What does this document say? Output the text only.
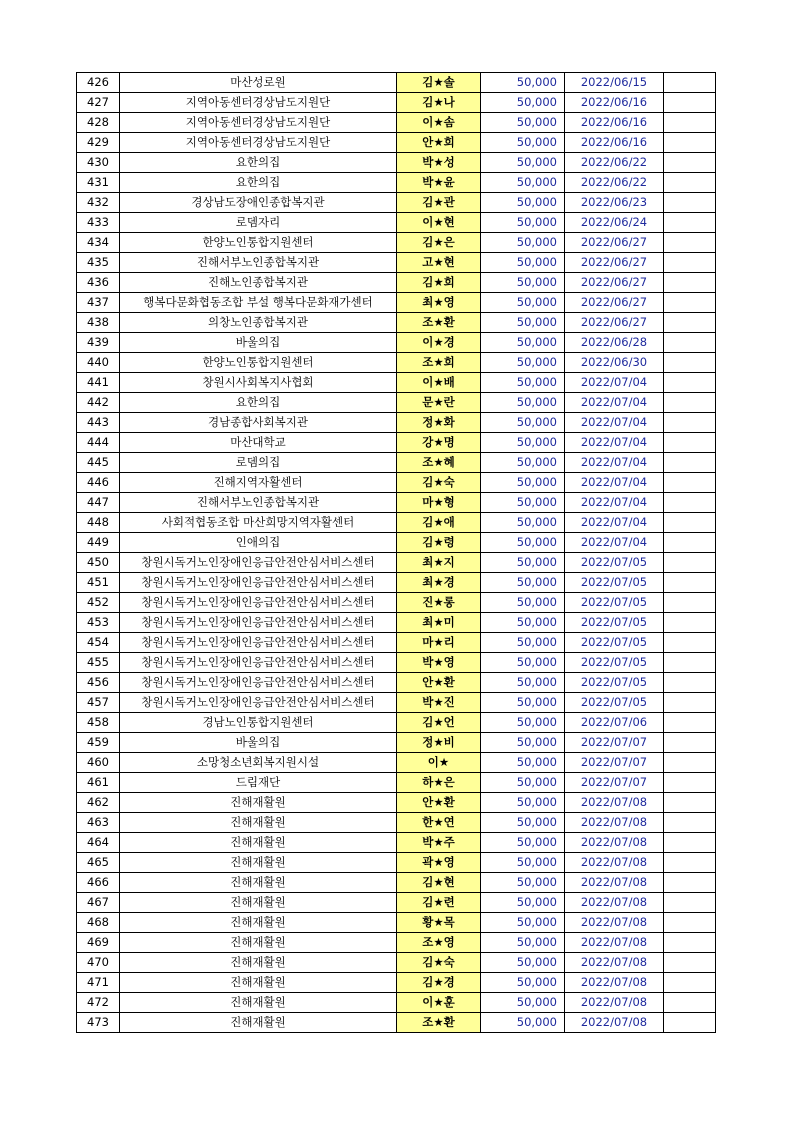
426	마산성로원	김★솔	50,000	2022/06/15	
427	지역아동센터경상남도지원단	김★나	50,000	2022/06/16	
428	지역아동센터경상남도지원단	이★솜	50,000	2022/06/16	
429	지역아동센터경상남도지원단	안★희	50,000	2022/06/16	
430	요한의집	박★성	50,000	2022/06/22	
431	요한의집	박★윤	50,000	2022/06/22	
432	경상남도장애인종합복지관	김★관	50,000	2022/06/23	
433	로뎀자리	이★현	50,000	2022/06/24	
434	한양노인통합지원센터	김★은	50,000	2022/06/27	
435	진해서부노인종합복지관	고★현	50,000	2022/06/27	
436	진해노인종합복지관	김★희	50,000	2022/06/27	
437	행복다문화협동조합 부설 행복다문화재가센터	최★영	50,000	2022/06/27	
438	의창노인종합복지관	조★환	50,000	2022/06/27	
439	바울의집	이★경	50,000	2022/06/28	
440	한양노인통합지원센터	조★희	50,000	2022/06/30	
441	창원시사회복지사협회	이★배	50,000	2022/07/04	
442	요한의집	문★란	50,000	2022/07/04	
443	경남종합사회복지관	정★화	50,000	2022/07/04	
444	마산대학교	강★명	50,000	2022/07/04	
445	로뎀의집	조★혜	50,000	2022/07/04	
446	진해지역자활센터	김★숙	50,000	2022/07/04	
447	진해서부노인종합복지관	마★형	50,000	2022/07/04	
448	사회적협동조합 마산희망지역자활센터	김★애	50,000	2022/07/04	
449	인애의집	김★령	50,000	2022/07/04	
450	창원시독거노인장애인응급안전안심서비스센터	최★지	50,000	2022/07/05	
451	창원시독거노인장애인응급안전안심서비스센터	최★경	50,000	2022/07/05	
452	창원시독거노인장애인응급안전안심서비스센터	진★롱	50,000	2022/07/05	
453	창원시독거노인장애인응급안전안심서비스센터	최★미	50,000	2022/07/05	
454	창원시독거노인장애인응급안전안심서비스센터	마★리	50,000	2022/07/05	
455	창원시독거노인장애인응급안전안심서비스센터	박★영	50,000	2022/07/05	
456	창원시독거노인장애인응급안전안심서비스센터	안★환	50,000	2022/07/05	
457	창원시독거노인장애인응급안전안심서비스센터	박★진	50,000	2022/07/05	
458	경남노인통합지원센터	김★언	50,000	2022/07/06	
459	바울의집	정★비	50,000	2022/07/07	
460	소망청소년회복지원시설	이★	50,000	2022/07/07	
461	드림재단	하★은	50,000	2022/07/07	
462	진해재활원	안★환	50,000	2022/07/08	
463	진해재활원	한★연	50,000	2022/07/08	
464	진해재활원	박★주	50,000	2022/07/08	
465	진해재활원	곽★영	50,000	2022/07/08	
466	진해재활원	김★현	50,000	2022/07/08	
467	진해재활원	김★련	50,000	2022/07/08	
468	진해재활원	황★목	50,000	2022/07/08	
469	진해재활원	조★영	50,000	2022/07/08	
470	진해재활원	김★숙	50,000	2022/07/08	
471	진해재활원	김★경	50,000	2022/07/08	
472	진해재활원	이★훈	50,000	2022/07/08	
473	진해재활원	조★환	50,000	2022/07/08	
